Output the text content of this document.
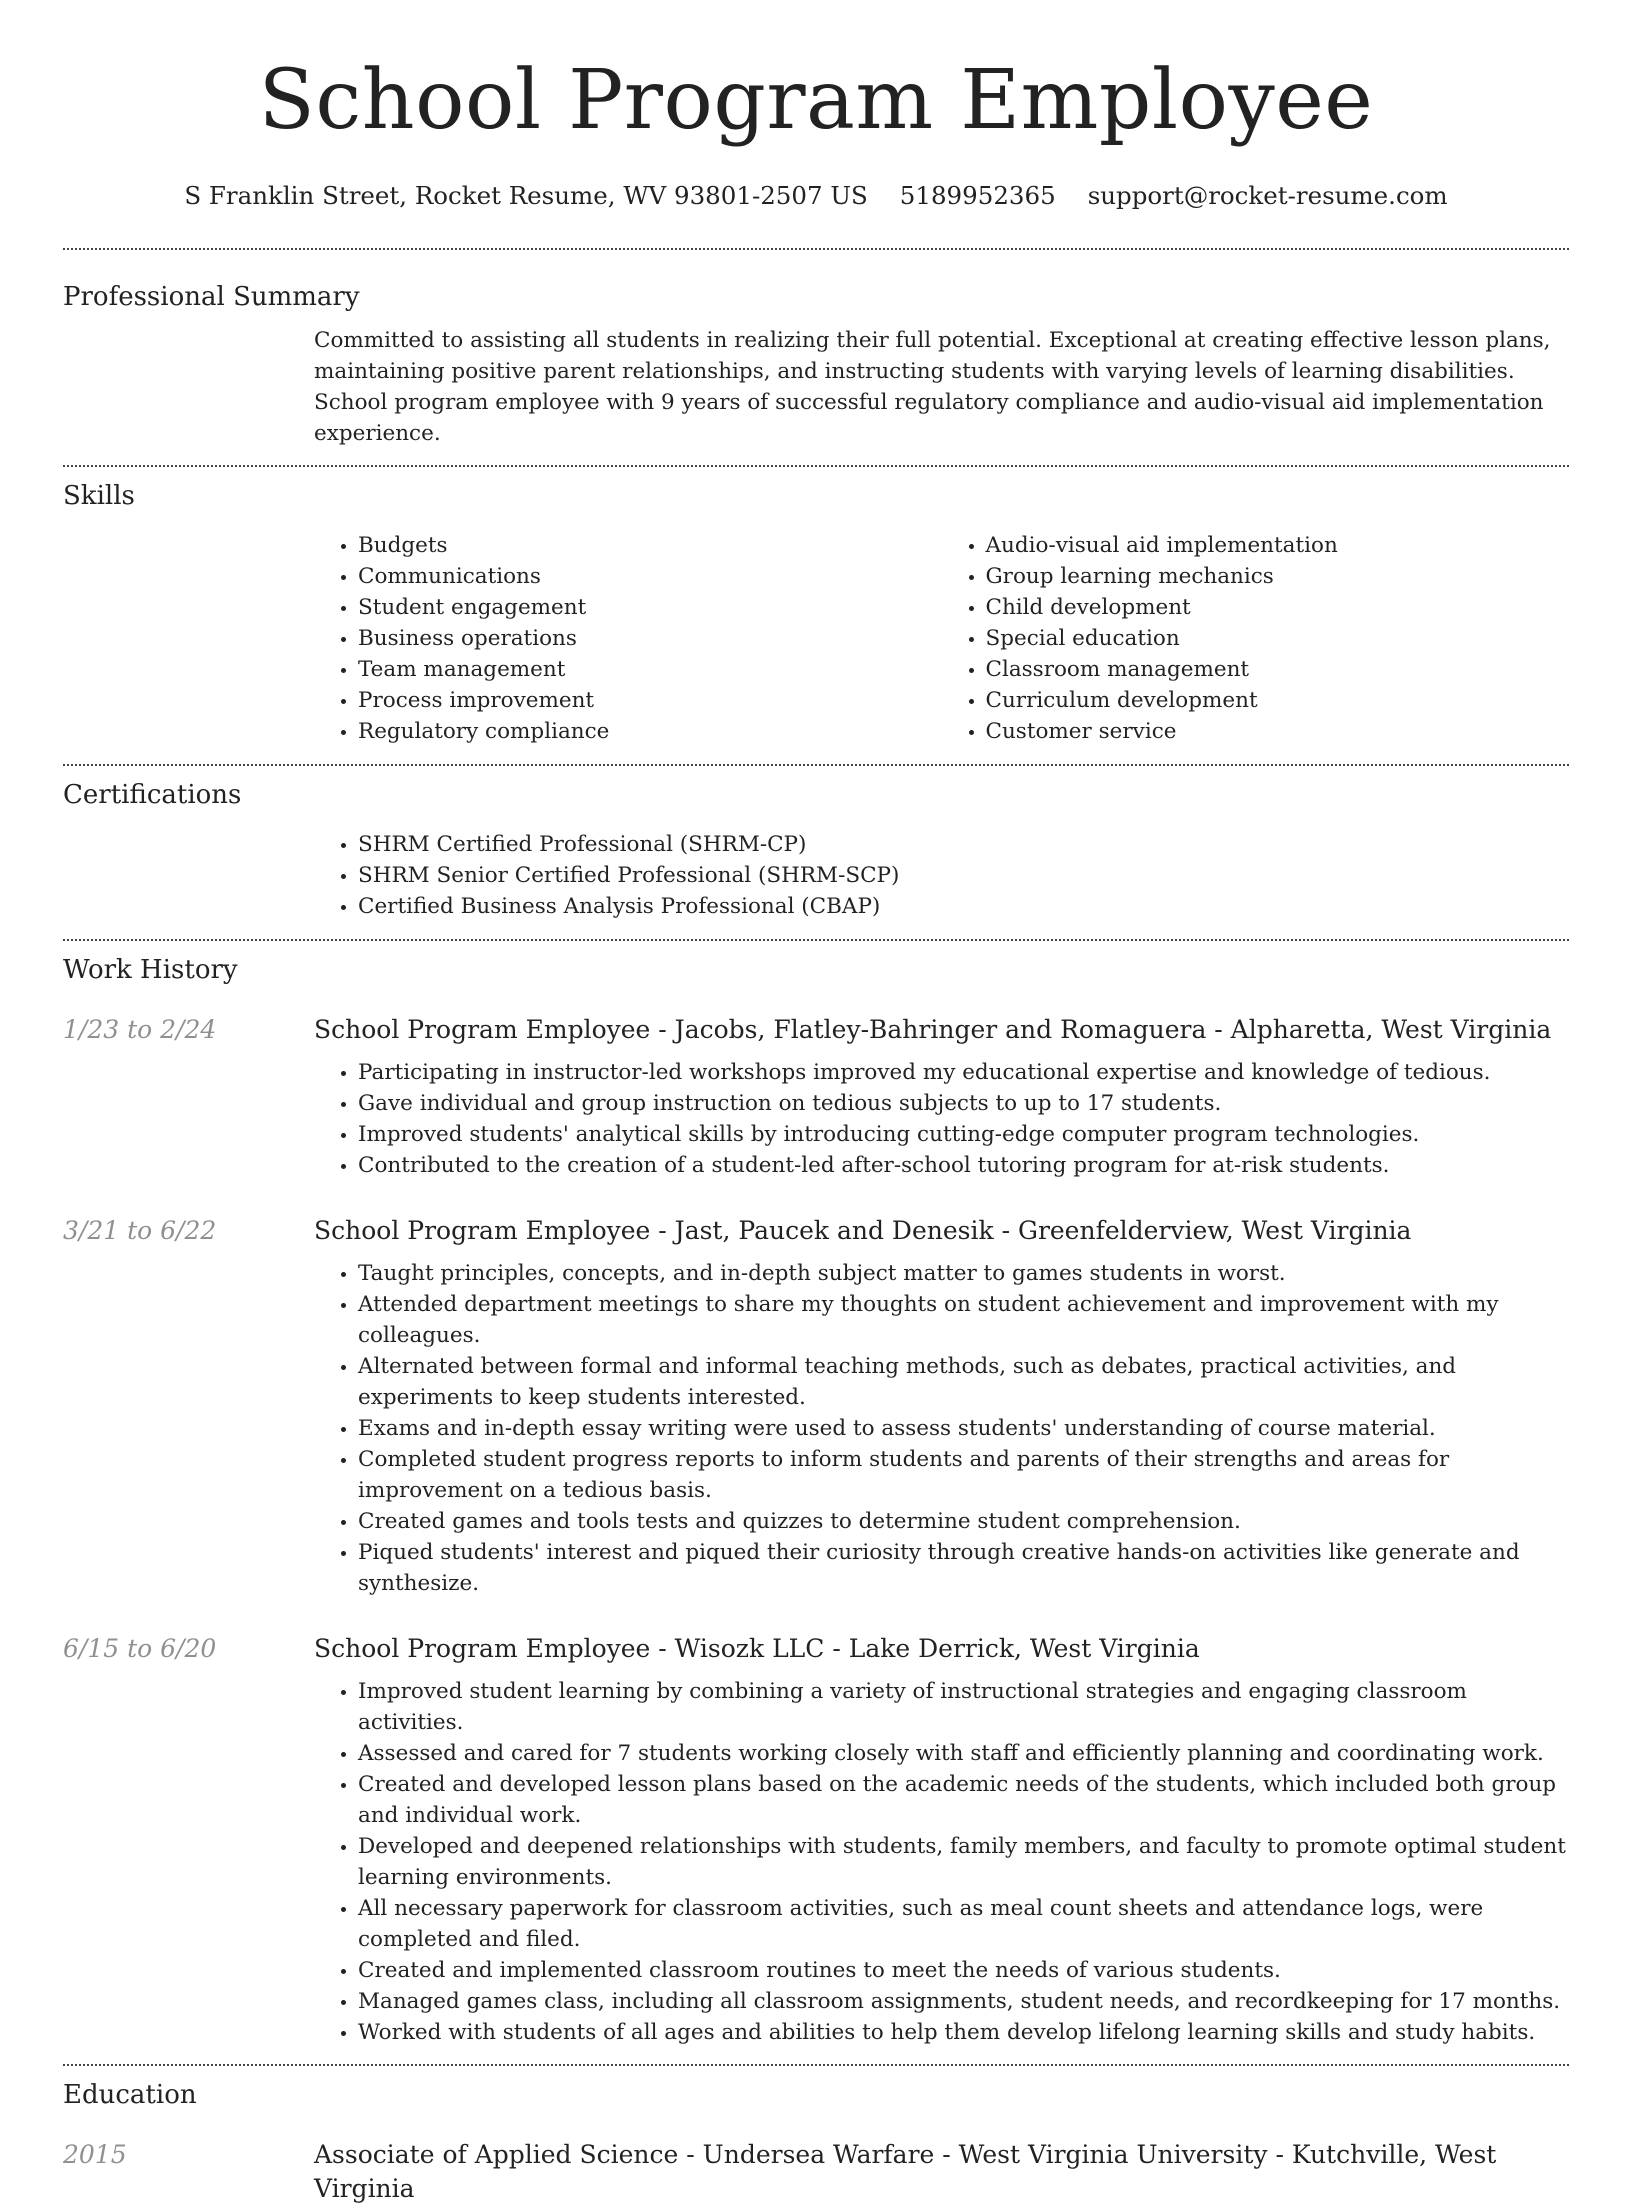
School Program Employee
S Franklin Street, Rocket Resume, WV 93801-2507 US 5189952365 support@rocket-resume.com
Professional Summary

Committed to assisting all students in realizing their full potential. Exceptional at creating effective lesson plans, maintaining positive parent relationships, and instructing students with varying levels of learning disabilities. School program employee with 9 years of successful regulatory compliance and audio-visual aid implementation experience.

Skills
• Budgets
• Communications
• Student engagement
• Business operations
• Team management
• Process improvement
• Regulatory compliance
• Audio-visual aid implementation
• Group learning mechanics
• Child development
• Special education
• Classroom management
• Curriculum development
• Customer service
Certifications
• SHRM Certified Professional (SHRM-CP)
• SHRM Senior Certified Professional (SHRM-SCP)
• Certified Business Analysis Professional (CBAP)
Work History
1/23 to 2/24	School Program Employee - Jacobs, Flatley-Bahringer and Romaguera - Alpharetta, West Virginia
• Participating in instructor-led workshops improved my educational expertise and knowledge of tedious.
• Gave individual and group instruction on tedious subjects to up to 17 students.
• Improved students' analytical skills by introducing cutting-edge computer program technologies.
• Contributed to the creation of a student-led after-school tutoring program for at-risk students.
3/21 to 6/22	School Program Employee - Jast, Paucek and Denesik - Greenfelderview, West Virginia
• Taught principles, concepts, and in-depth subject matter to games students in worst.
• Attended department meetings to share my thoughts on student achievement and improvement with my colleagues.
• Alternated between formal and informal teaching methods, such as debates, practical activities, and experiments to keep students interested.
• Exams and in-depth essay writing were used to assess students' understanding of course material.
• Completed student progress reports to inform students and parents of their strengths and areas for improvement on a tedious basis.
• Created games and tools tests and quizzes to determine student comprehension.
• Piqued students' interest and piqued their curiosity through creative hands-on activities like generate and synthesize.
6/15 to 6/20	School Program Employee - Wisozk LLC - Lake Derrick, West Virginia
• Improved student learning by combining a variety of instructional strategies and engaging classroom activities.
• Assessed and cared for 7 students working closely with staff and efficiently planning and coordinating work.
• Created and developed lesson plans based on the academic needs of the students, which included both group and individual work.
• Developed and deepened relationships with students, family members, and faculty to promote optimal student learning environments.
• All necessary paperwork for classroom activities, such as meal count sheets and attendance logs, were completed and filed.
• Created and implemented classroom routines to meet the needs of various students.
• Managed games class, including all classroom assignments, student needs, and recordkeeping for 17 months.
• Worked with students of all ages and abilities to help them develop lifelong learning skills and study habits.
Education
2015	Associate of Applied Science - Undersea Warfare - West Virginia University - Kutchville, West Virginia
